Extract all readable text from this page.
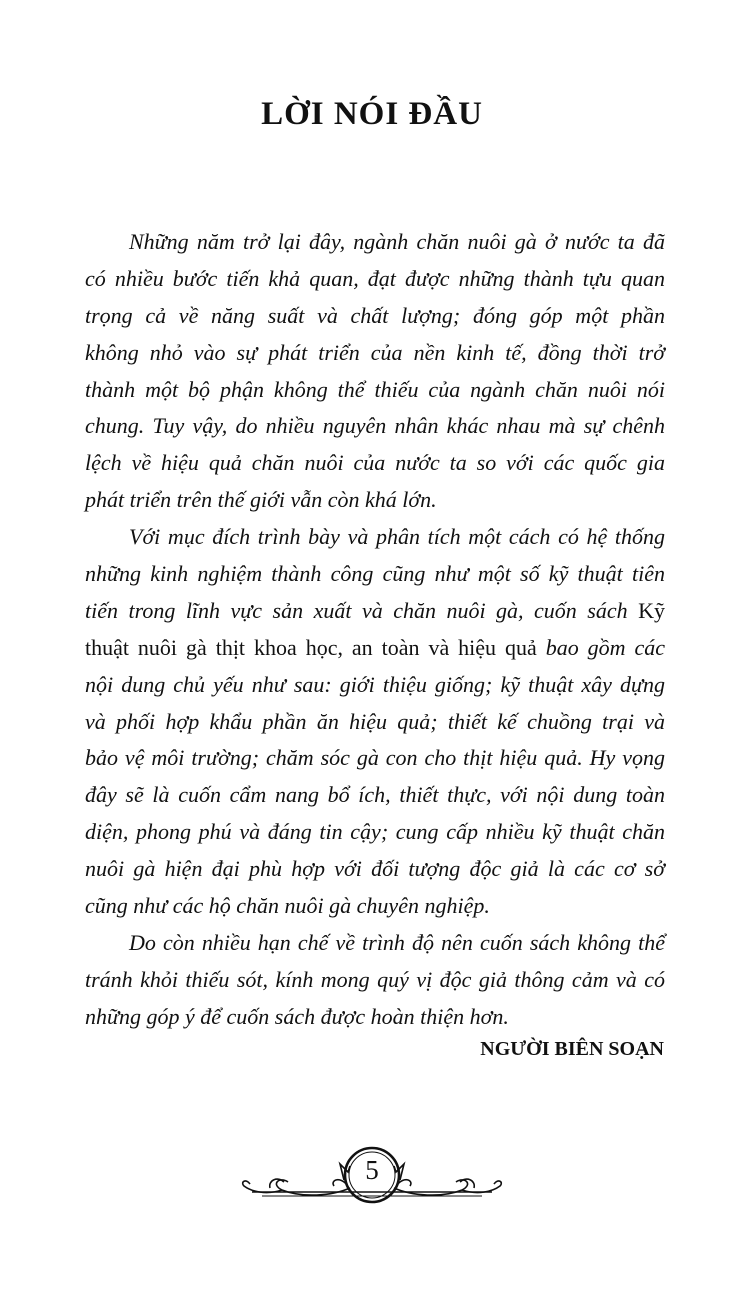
LỜI NÓI ĐẦU
Những năm trở lại đây, ngành chăn nuôi gà ở nước ta đã
có nhiều bước tiến khả quan, đạt được những thành tựu quan
trọng cả về năng suất và chất lượng; đóng góp một phần
không nhỏ vào sự phát triển của nền kinh tế, đồng thời trở
thành một bộ phận không thể thiếu của ngành chăn nuôi nói
chung. Tuy vậy, do nhiều nguyên nhân khác nhau mà sự chênh
lệch về hiệu quả chăn nuôi của nước ta so với các quốc gia
phát triển trên thế giới vẫn còn khá lớn.
Với mục đích trình bày và phân tích một cách có hệ thống
những kinh nghiệm thành công cũng như một số kỹ thuật tiên
tiến trong lĩnh vực sản xuất và chăn nuôi gà, cuốn sách Kỹ
thuật nuôi gà thịt khoa học, an toàn và hiệu quả bao gồm các
nội dung chủ yếu như sau: giới thiệu giống; kỹ thuật xây dựng
và phối hợp khẩu phần ăn hiệu quả; thiết kế chuồng trại và
bảo vệ môi trường; chăm sóc gà con cho thịt hiệu quả. Hy vọng
đây sẽ là cuốn cẩm nang bổ ích, thiết thực, với nội dung toàn
diện, phong phú và đáng tin cậy; cung cấp nhiều kỹ thuật chăn
nuôi gà hiện đại phù hợp với đối tượng độc giả là các cơ sở
cũng như các hộ chăn nuôi gà chuyên nghiệp.
Do còn nhiều hạn chế về trình độ nên cuốn sách không thể
tránh khỏi thiếu sót, kính mong quý vị độc giả thông cảm và có
những góp ý để cuốn sách được hoàn thiện hơn.
NGƯỜI BIÊN SOẠN
5
